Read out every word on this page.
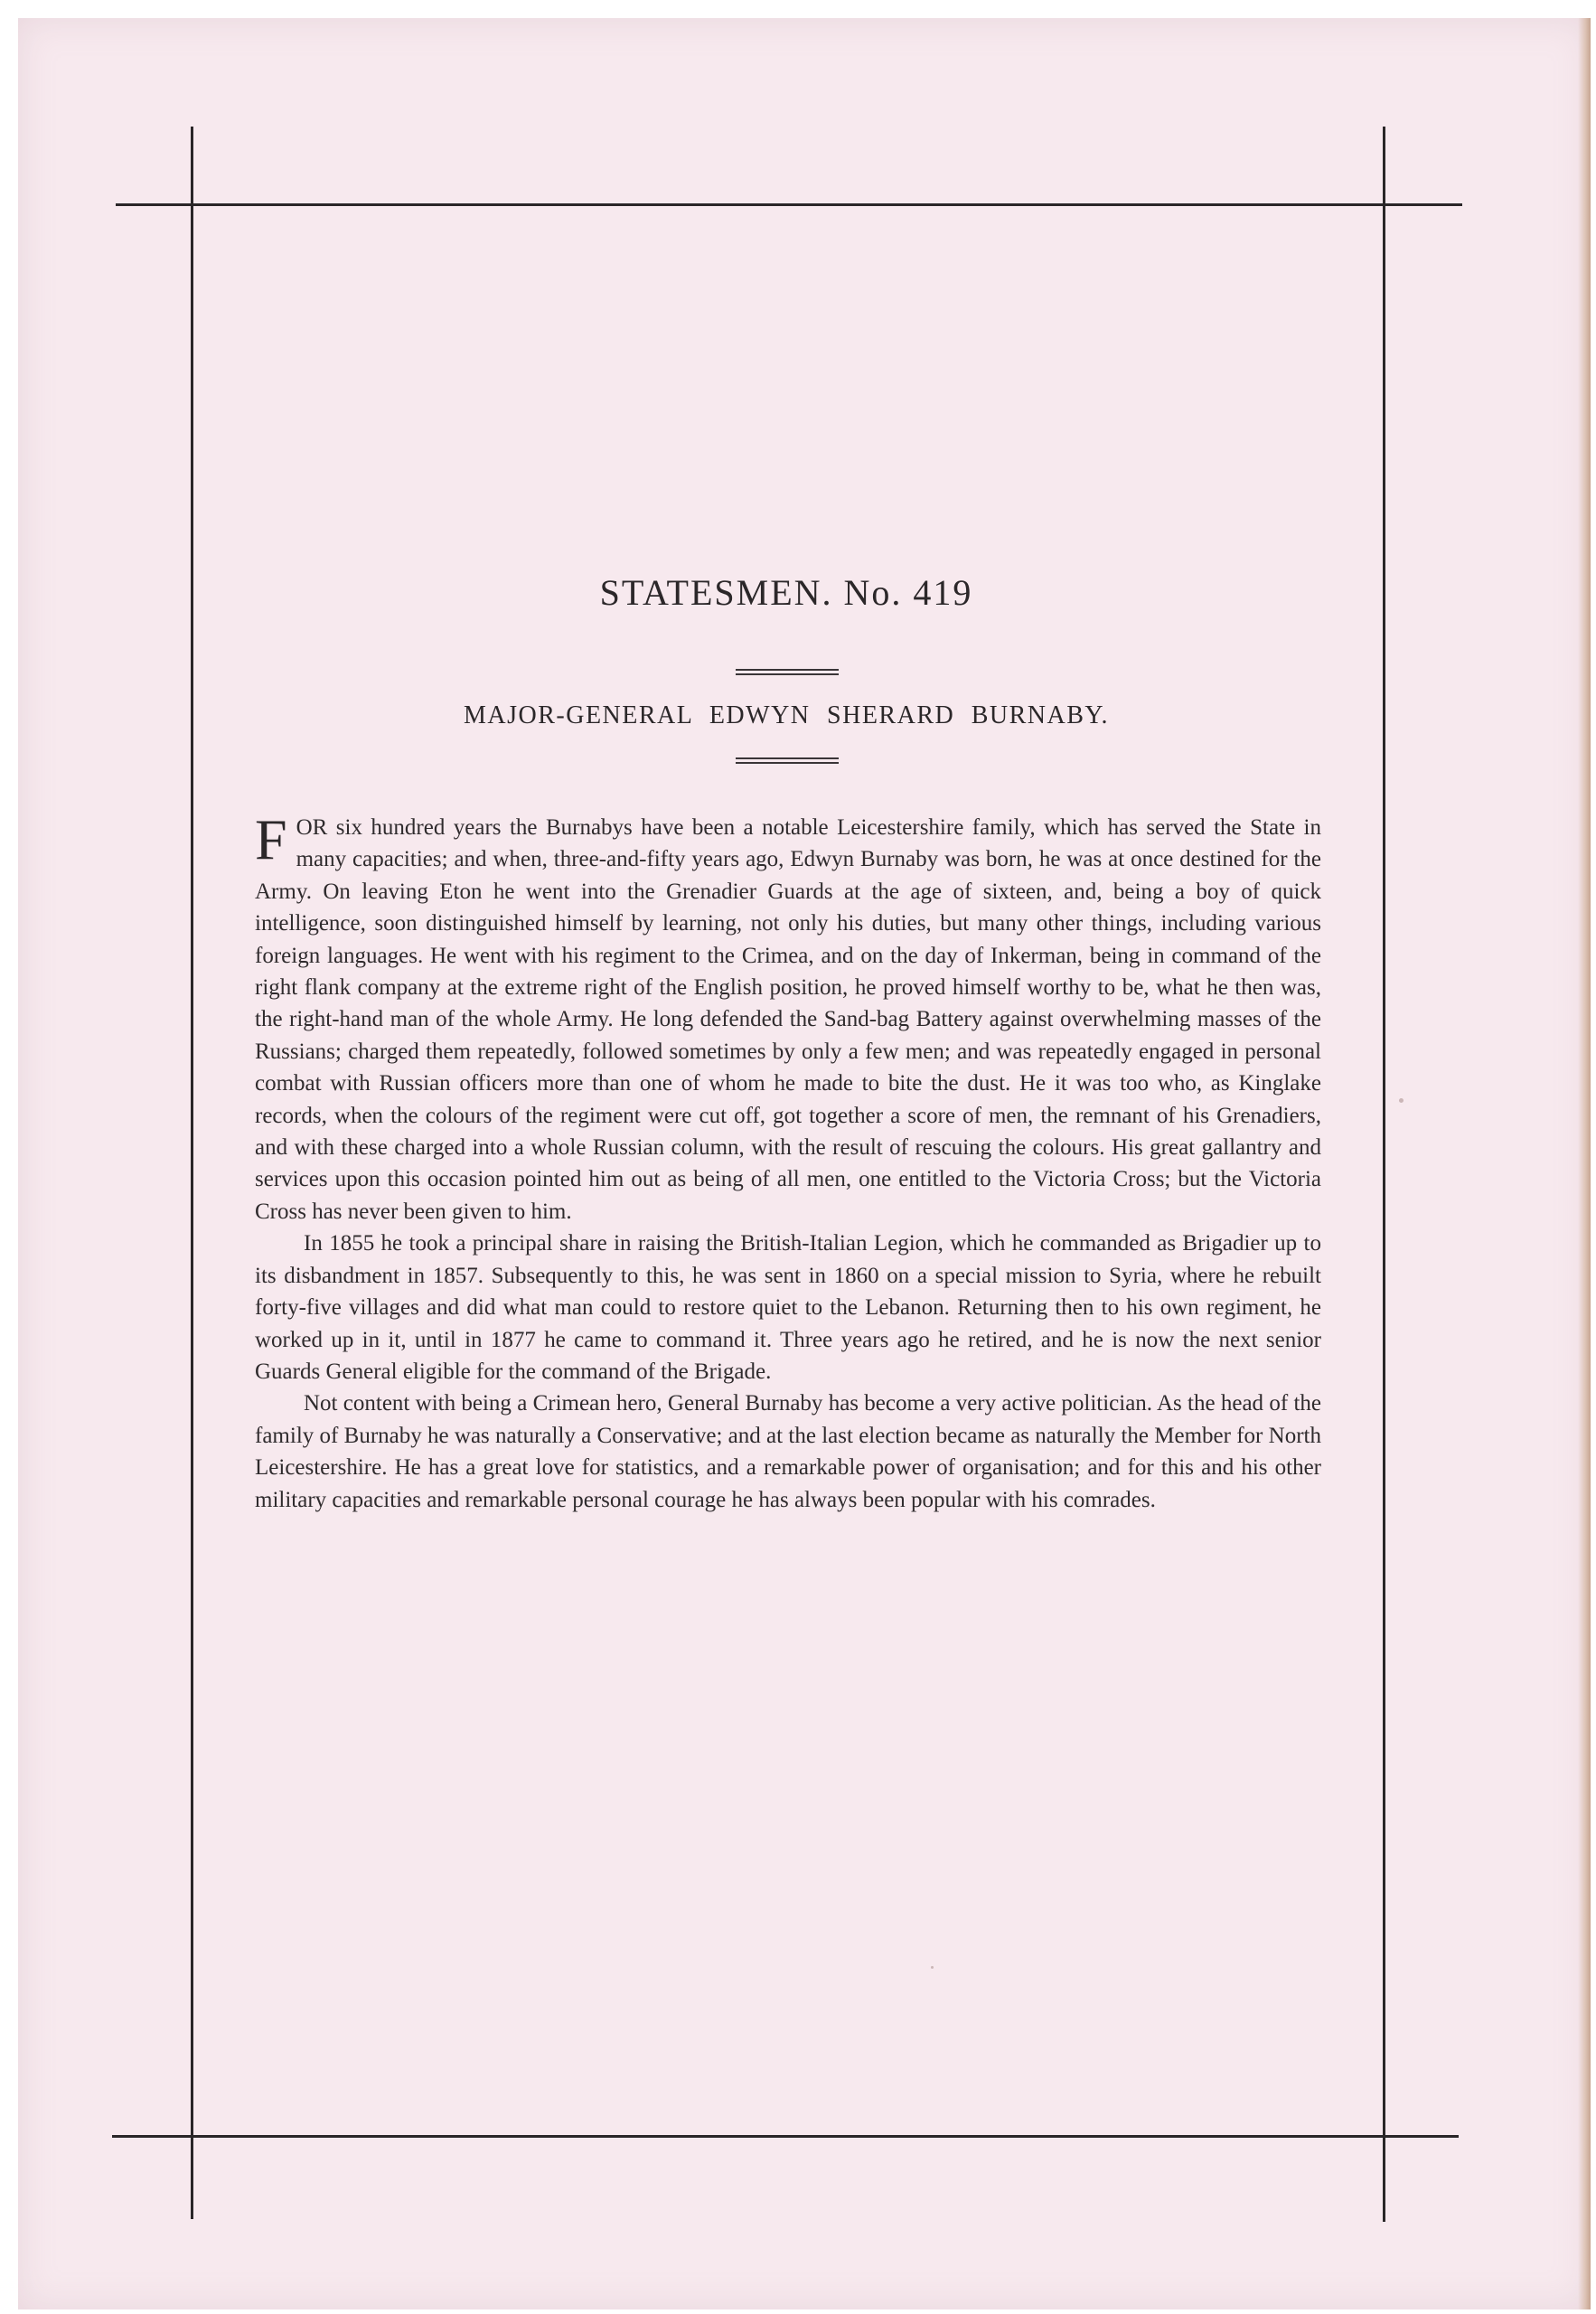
STATESMEN. No. 419
MAJOR-GENERAL EDWYN SHERARD BURNABY.

FOR six hundred years the Burnabys have been a notable Leicestershire family, which has served the State in many capacities; and when, three-and-fifty years ago, Edwyn Burnaby was born, he was at once destined for the Army. On leaving Eton he went into the Grenadier Guards at the age of sixteen, and, being a boy of quick intelligence, soon distinguished himself by learning, not only his duties, but many other things, including various foreign languages. He went with his regiment to the Crimea, and on the day of Inkerman, being in command of the right flank company at the extreme right of the English position, he proved himself worthy to be, what he then was, the right-hand man of the whole Army. He long defended the Sand-bag Battery against overwhelming masses of the Russians; charged them repeatedly, followed sometimes by only a few men; and was repeatedly engaged in personal combat with Russian officers more than one of whom he made to bite the dust. He it was too who, as Kinglake records, when the colours of the regiment were cut off, got together a score of men, the remnant of his Grenadiers, and with these charged into a whole Russian column, with the result of rescuing the colours. His great gallantry and services upon this occasion pointed him out as being of all men, one entitled to the Victoria Cross; but the Victoria Cross has never been given to him.

In 1855 he took a principal share in raising the British-Italian Legion, which he commanded as Brigadier up to its disbandment in 1857. Subsequently to this, he was sent in 1860 on a special mission to Syria, where he rebuilt forty-five villages and did what man could to restore quiet to the Lebanon. Returning then to his own regiment, he worked up in it, until in 1877 he came to command it. Three years ago he retired, and he is now the next senior Guards General eligible for the command of the Brigade.

Not content with being a Crimean hero, General Burnaby has become a very active politician. As the head of the family of Burnaby he was naturally a Conservative; and at the last election became as naturally the Member for North Leicestershire. He has a great love for statistics, and a remarkable power of organisation; and for this and his other military capacities and remarkable personal courage he has always been popular with his comrades.
